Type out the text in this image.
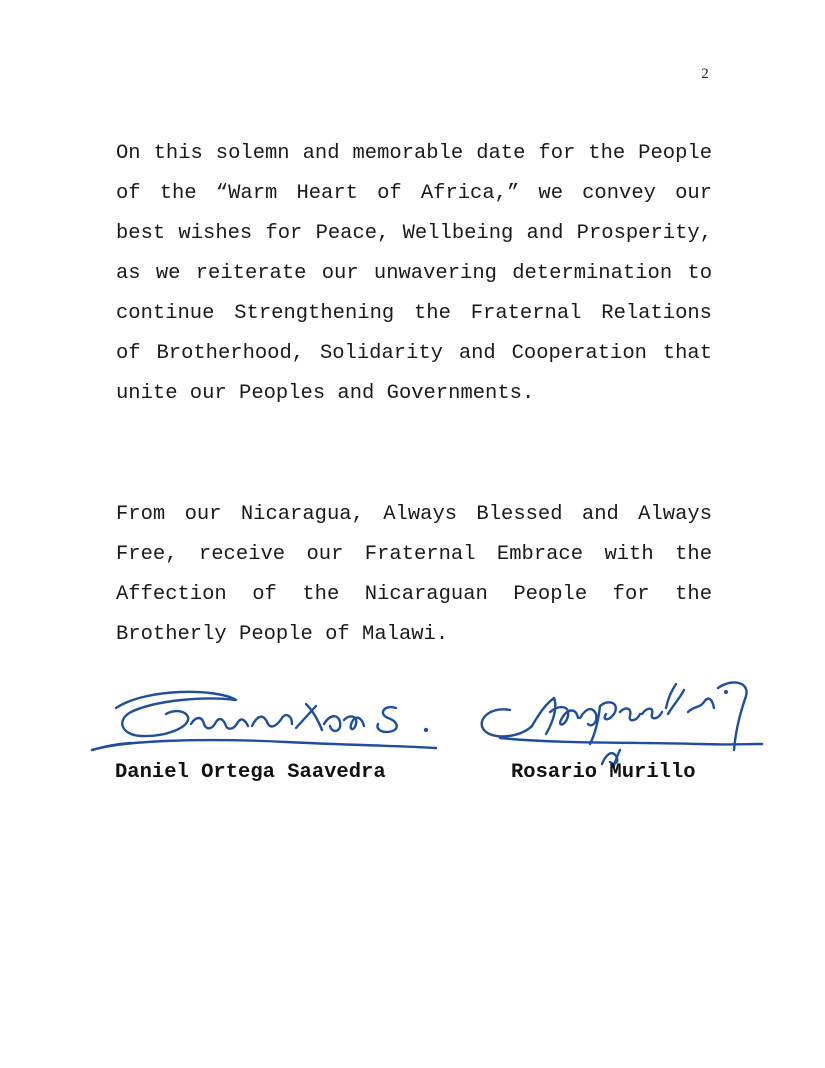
2

On this solemn and memorable date for the People of the “Warm Heart of Africa,” we convey our best wishes for Peace, Wellbeing and Prosperity, as we reiterate our unwavering determination to continue Strengthening the Fraternal Relations of Brotherhood, Solidarity and Cooperation that unite our Peoples and Governments.

From our Nicaragua, Always Blessed and Always Free, receive our Fraternal Embrace with the Affection of the Nicaraguan People for the Brotherly People of Malawi.

Daniel Ortega Saavedra	Rosario Murillo
